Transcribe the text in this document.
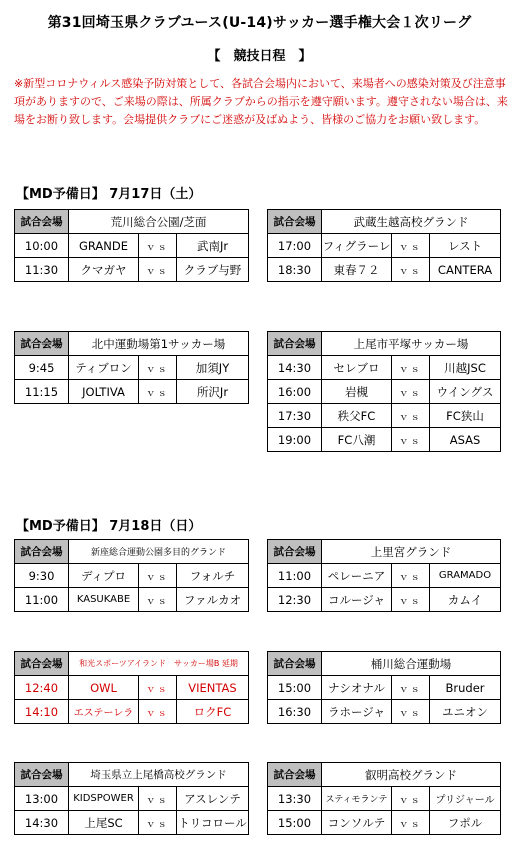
第31回埼玉県クラブユース(U-14)サッカー選手権大会１次リーグ
【　競技日程　】
※新型コロナウィルス感染予防対策として、各試合会場内において、来場者への感染対策及び注意事項がありますので、ご来場の際は、所属クラブからの指示を遵守願います。遵守されない場合は、来場をお断り致します。会場提供クラブにご迷惑が及ばぬよう、皆様のご協力をお願い致します。
【MD予備日】 7月17日（土）
【MD予備日】 7月18日（日）
試合会場	荒川総合公園/芝面		
10:00	GRANDE	ｖｓ	武南Jr
11:30	クマガヤ	ｖｓ	クラブ与野
試合会場	武蔵生越高校グランド		
17:00	フィグラーレ	ｖｓ	レスト
18:30	東春７２	ｖｓ	CANTERA
試合会場	北中運動場第1サッカー場		
9:45	ティブロン	ｖｓ	加須JY
11:15	JOLTIVA	ｖｓ	所沢Jr
試合会場	上尾市平塚サッカー場		
14:30	セレブロ	ｖｓ	川越JSC
16:00	岩槻	ｖｓ	ウイングス
17:30	秩父FC	ｖｓ	FC狭山
19:00	FC八潮	ｖｓ	ASAS
試合会場	新座総合運動公園多目的グランド		
9:30	ディプロ	ｖｓ	フォルチ
11:00	KASUKABE	ｖｓ	ファルカオ
試合会場	上里宮グランド		
11:00	ペレーニア	ｖｓ	GRAMADO
12:30	コルージャ	ｖｓ	カムイ
試合会場	和光スポーツアイランド　サッカー場B 延期		
12:40	OWL	ｖｓ	VIENTAS
14:10	エステーレラ	ｖｓ	ロクFC
試合会場	桶川総合運動場		
15:00	ナシオナル	ｖｓ	Bruder
16:30	ラホージャ	ｖｓ	ユニオン
試合会場	埼玉県立上尾橋高校グランド		
13:00	KIDSPOWER	ｖｓ	アスレンテ
14:30	上尾SC	ｖｓ	トリコロール
試合会場	叡明高校グランド		
13:30	スティモランテ	ｖｓ	プリジャール
15:00	コンソルテ	ｖｓ	フポル
